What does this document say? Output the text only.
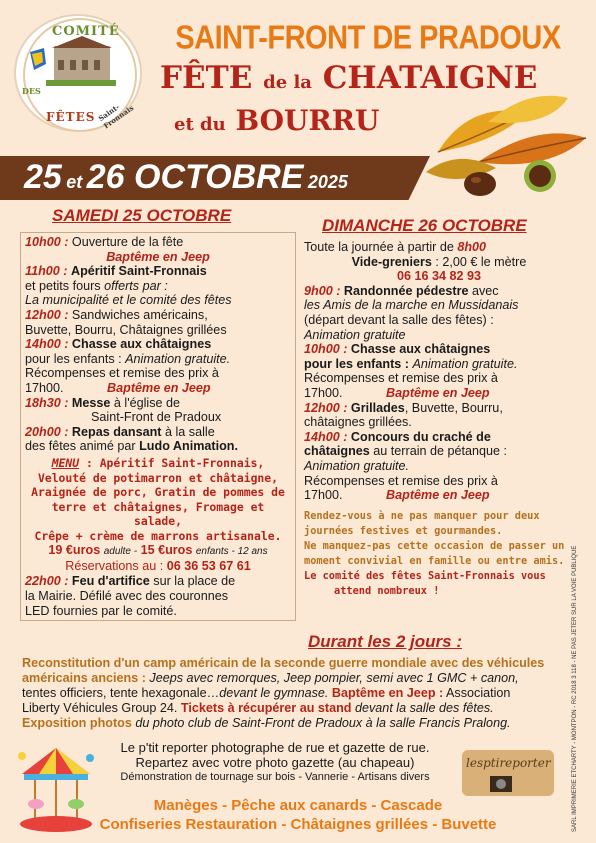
COMITÉ
DES
FÊTES Saint-Fronnais
SAINT-FRONT DE PRADOUX
FÊTE de la CHATAIGNE
et du BOURRU
25 et 26 OCTOBRE 2025
SAMEDI 25 OCTOBRE
10h00 : Ouverture de la fête
Baptême en Jeep
11h00 : Apéritif Saint-Fronnais
et petits fours offerts par :
La municipalité et le comité des fêtes
12h00 : Sandwiches américains,
Buvette, Bourru, Châtaignes grillées
14h00 : Chasse aux châtaignes
pour les enfants : Animation gratuite.
Récompenses et remise des prix à
17h00.	Baptême en Jeep
18h30 : Messe à l'église de
Saint-Front de Pradoux
20h00 : Repas dansant à la salle
des fêtes animé par Ludo Animation.
MENU : Apéritif Saint-Fronnais,
Velouté de potimarron et châtaigne,
Araignée de porc, Gratin de pommes de
terre et châtaignes, Fromage et salade,
Crêpe + crème de marrons artisanale.
19 €uros adulte - 15 €uros enfants - 12 ans
Réservations au : 06 36 53 67 61
22h00 : Feu d'artifice sur la place de
la Mairie. Défilé avec des couronnes
LED fournies par le comité.
DIMANCHE 26 OCTOBRE
Toute la journée à partir de 8h00
Vide-greniers : 2,00 € le mètre
06 16 34 82 93
9h00 : Randonnée pédestre avec
les Amis de la marche en Mussidanais
(départ devant la salle des fêtes) :
Animation gratuite
10h00 : Chasse aux châtaignes
pour les enfants : Animation gratuite.
Récompenses et remise des prix à
17h00.	Baptême en Jeep
12h00 : Grillades, Buvette, Bourru,
châtaignes grillées.
14h00 : Concours du craché de
châtaignes au terrain de pétanque :
Animation gratuite.
Récompenses et remise des prix à
17h00.	Baptême en Jeep
Rendez-vous à ne pas manquer pour deux
journées festives et gourmandes.
Ne manquez-pas cette occasion de passer un
moment convivial en famille ou entre amis.
Le comité des fêtes Saint-Fronnais vous
attend nombreux !
Durant les 2 jours :
Reconstitution d'un camp américain de la seconde guerre mondiale avec des véhicules
américains anciens : Jeeps avec remorques, Jeep pompier, semi avec 1 GMC + canon,
tentes officiers, tente hexagonale…devant le gymnase. Baptême en Jeep : Association
Liberty Véhicules Group 24. Tickets à récupérer au stand devant la salle des fêtes.
Exposition photos du photo club de Saint-Front de Pradoux à la salle Francis Pralong.
Le p'tit reporter photographe de rue et gazette de rue.
Repartez avec votre photo gazette (au chapeau)
Démonstration de tournage sur bois - Vannerie - Artisans divers
lesptireporter
Manèges - Pêche aux canards - Cascade
Confiseries Restauration - Châtaignes grillées - Buvette	SARL IMPRIMERIE ETCHARTY - MONTPON - RC 2018 3 118 - NE PAS JETER SUR LA VOIE PUBLIQUE
